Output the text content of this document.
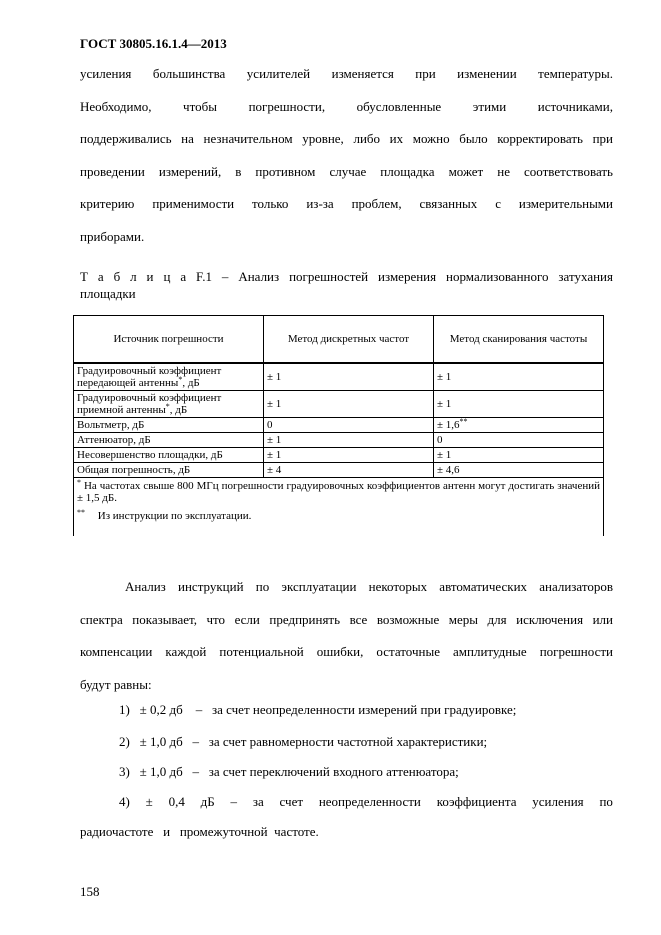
ГОСТ 30805.16.1.4—2013
усиления большинства усилителей изменяется при изменении температуры.
Необходимо, чтобы погрешности, обусловленные этими источниками,
поддерживались на незначительном уровне, либо их можно было корректировать при
проведении измерений, в противном случае площадка может не соответствовать
критерию применимости только из-за проблем, связанных с измерительными
приборами.
Т а б л и ц а F.1 – Анализ погрешностей измерения нормализованного затухания
площадки
Источник погрешности	Метод дискретных частот	Метод сканирования частоты
Градуировочный коэффициент передающей антенны*, дБ	± 1	± 1
Градуировочный коэффициент приемной антенны*, дБ	± 1	± 1
Вольтметр, дБ	0	± 1,6**
Аттенюатор, дБ	± 1	0
Несовершенство площадки, дБ	± 1	± 1
Общая погрешность, дБ	± 4	± 4,6

* На частотах свыше 800 МГц погрешности градуировочных коэффициентов антенн могут достигать значений ± 1,5 дБ.
** Из инструкции по эксплуатации.		
Анализ инструкций по эксплуатации некоторых автоматических анализаторов
спектра показывает, что если предпринять все возможные меры для исключения или
компенсации каждой потенциальной ошибки, остаточные амплитудные погрешности
будут равны:
1) ± 0,2 дб – за счет неопределенности измерений при градуировке;
2) ± 1,0 дб – за счет равномерности частотной характеристики;
3) ± 1,0 дб – за счет переключений входного аттенюатора;
4) ± 0,4 дБ – за счет неопределенности коэффициента усиления по
радиочастоте   и   промежуточной  частоте.
158
